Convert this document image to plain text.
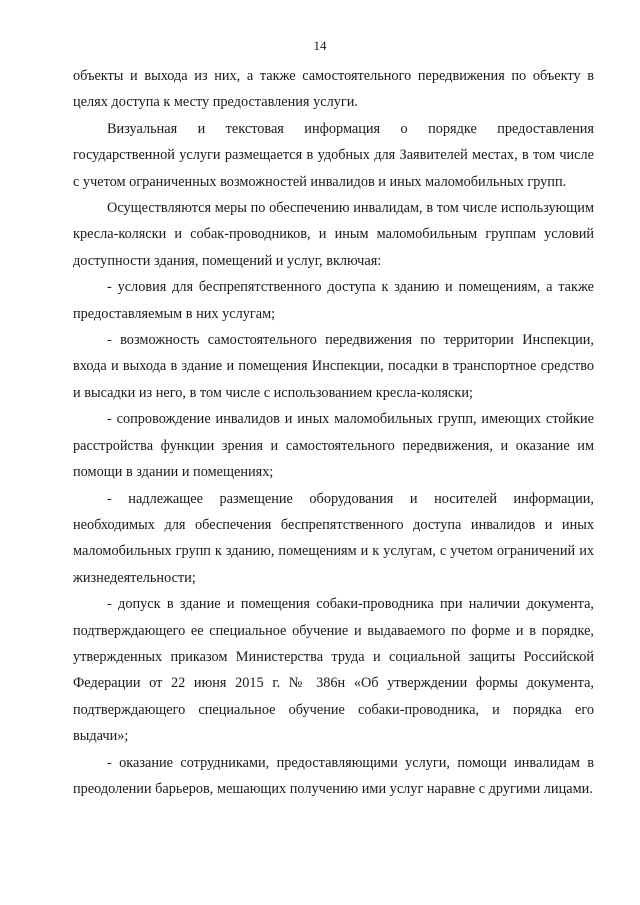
14

объекты и выхода из них, а также самостоятельного передвижения по объекту в целях доступа к месту предоставления услуги.

Визуальная и текстовая информация о порядке предоставления государственной услуги размещается в удобных для Заявителей местах, в том числе с учетом ограниченных возможностей инвалидов и иных маломобильных групп.

Осуществляются меры по обеспечению инвалидам, в том числе использующим кресла-коляски и собак-проводников, и иным маломобильным группам условий доступности здания, помещений и услуг, включая:

- условия для беспрепятственного доступа к зданию и помещениям, а также предоставляемым в них услугам;

- возможность самостоятельного передвижения по территории Инспекции, входа и выхода в здание и помещения Инспекции, посадки в транспортное средство и высадки из него, в том числе с использованием кресла-коляски;

- сопровождение инвалидов и иных маломобильных групп, имеющих стойкие расстройства функции зрения и самостоятельного передвижения, и оказание им помощи в здании и помещениях;

- надлежащее размещение оборудования и носителей информации, необходимых для обеспечения беспрепятственного доступа инвалидов и иных маломобильных групп к зданию, помещениям и к услугам, с учетом ограничений их жизнедеятельности;

- допуск в здание и помещения собаки-проводника при наличии документа, подтверждающего ее специальное обучение и выдаваемого по форме и в порядке, утвержденных приказом Министерства труда и социальной защиты Российской Федерации от 22 июня 2015 г. № 386н «Об утверждении формы документа, подтверждающего специальное обучение собаки-проводника, и порядка его выдачи»;

- оказание сотрудниками, предоставляющими услуги, помощи инвалидам в преодолении барьеров, мешающих получению ими услуг наравне с другими лицами.
